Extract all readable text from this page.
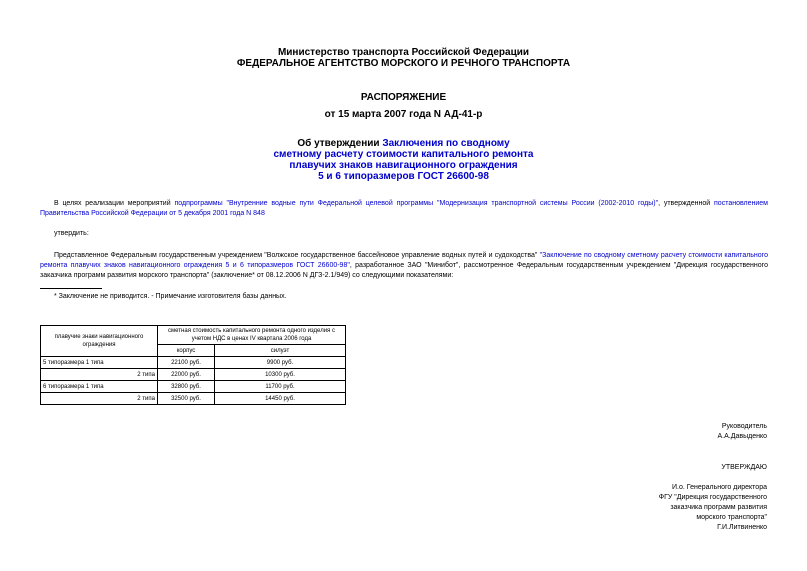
Министерство транспорта Российской Федерации
ФЕДЕРАЛЬНОЕ АГЕНТСТВО МОРСКОГО И РЕЧНОГО ТРАНСПОРТА
РАСПОРЯЖЕНИЕ
от 15 марта 2007 года N АД-41-р
Об утверждении Заключения по сводному
сметному расчету стоимости капитального ремонта
плавучих знаков навигационного ограждения
5 и 6 типоразмеров ГОСТ 26600-98
В целях реализации мероприятий подпрограммы "Внутренние водные пути Федеральной целевой программы "Модернизация транспортной системы России (2002-2010 годы)", утвержденной постановлением Правительства Российской Федерации от 5 декабря 2001 года N 848
утвердить:
Представленное Федеральным государственным учреждением "Волжское государственное бассейновое управление водных путей и судоходства" "Заключение по сводному сметному расчету стоимости капитального ремонта плавучих знаков навигационного ограждения 5 и 6 типоразмеров ГОСТ 26600-98", разработанное ЗАО "Минибот", рассмотренное Федеральным государственным учреждением "Дирекция государственного заказчика программ развития морского транспорта" (заключение* от 08.12.2006 N ДГЗ-2.1/949) со следующими показателями:
* Заключение не приводится. - Примечание изготовителя базы данных.
плавучие знаки навигационного ограждения	сметная стоимость капитального ремонта одного изделия с учетом НДС в ценах IV квартала 2006 года	
	корпус	силуэт
5 типоразмера 1 типа	22100 руб.	9900 руб.
2 типа	22000 руб.	10300 руб.
6 типоразмера 1 типа	32800 руб.	11700 руб.
2 типа	32500 руб.	14450 руб.
Руководитель
А.А.Давыденко
УТВЕРЖДАЮ
И.о. Генерального директора
ФГУ "Дирекция государственного
заказчика программ развития
морского транспорта"
Г.И.Литвиненко
